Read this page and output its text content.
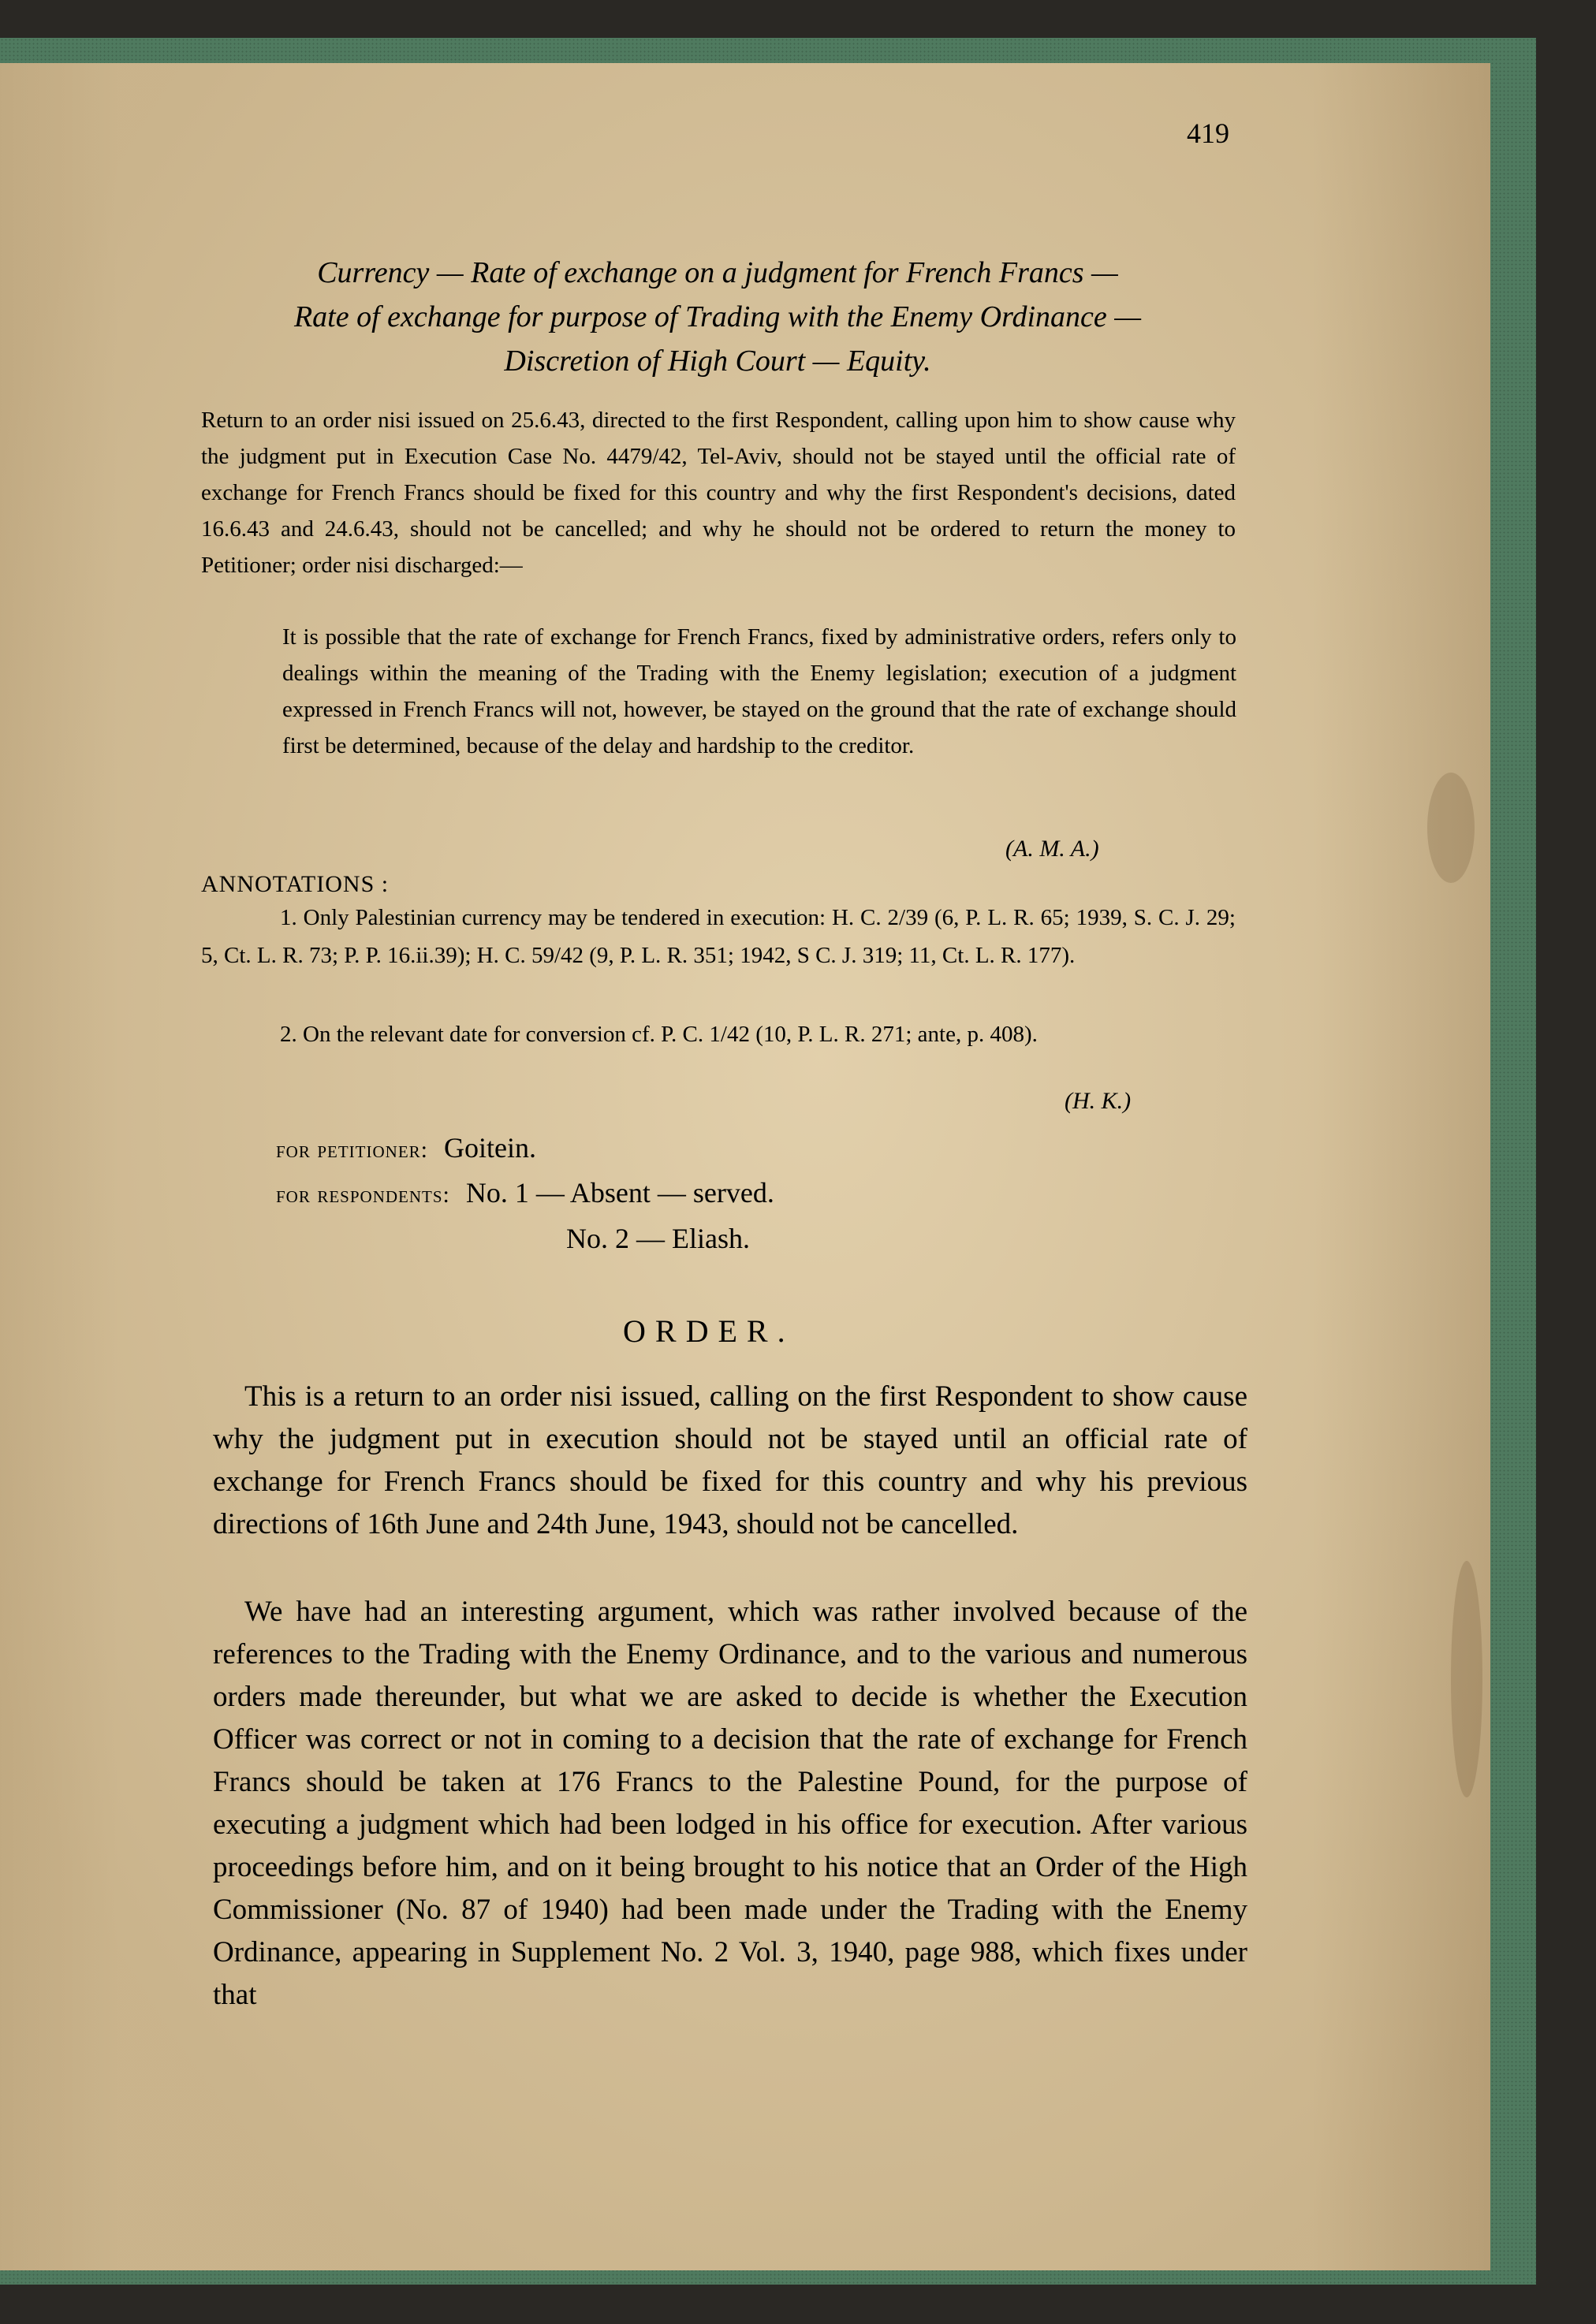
419
Currency — Rate of exchange on a judgment for French Francs —
Rate of exchange for purpose of Trading with the Enemy Ordinance —
Discretion of High Court — Equity.
Return to an order nisi issued on 25.6.43, directed to the first Respondent, calling upon him to show cause why the judgment put in Execution Case No. 4479/42, Tel-Aviv, should not be stayed until the official rate of exchange for French Francs should be fixed for this country and why the first Respondent's decisions, dated 16.6.43 and 24.6.43, should not be cancelled; and why he should not be ordered to return the money to Petitioner; order nisi discharged:—
It is possible that the rate of exchange for French Francs, fixed by administrative orders, refers only to dealings within the meaning of the Trading with the Enemy legislation; execution of a judgment expressed in French Francs will not, however, be stayed on the ground that the rate of exchange should first be determined, because of the delay and hardship to the creditor.
(A. M. A.)
ANNOTATIONS :
1. Only Palestinian currency may be tendered in execution: H. C. 2/39 (6, P. L. R. 65; 1939, S. C. J. 29; 5, Ct. L. R. 73; P. P. 16.ii.39); H. C. 59/42 (9, P. L. R. 351; 1942, S C. J. 319; 11, Ct. L. R. 177).
2. On the relevant date for conversion cf. P. C. 1/42 (10, P. L. R. 271; ante, p. 408).
(H. K.)
for petitioner: Goitein.
for respondents: No. 1 — Absent — served.
No. 2 — Eliash.
ORDER.
This is a return to an order nisi issued, calling on the first Respondent to show cause why the judgment put in execution should not be stayed until an official rate of exchange for French Francs should be fixed for this country and why his previous directions of 16th June and 24th June, 1943, should not be cancelled.
We have had an interesting argument, which was rather involved because of the references to the Trading with the Enemy Ordinance, and to the various and numerous orders made thereunder, but what we are asked to decide is whether the Execution Officer was correct or not in coming to a decision that the rate of exchange for French Francs should be taken at 176 Francs to the Palestine Pound, for the purpose of executing a judgment which had been lodged in his office for execution. After various proceedings before him, and on it being brought to his notice that an Order of the High Commissioner (No. 87 of 1940) had been made under the Trading with the Enemy Ordinance, appearing in Supplement No. 2 Vol. 3, 1940, page 988, which fixes under that
